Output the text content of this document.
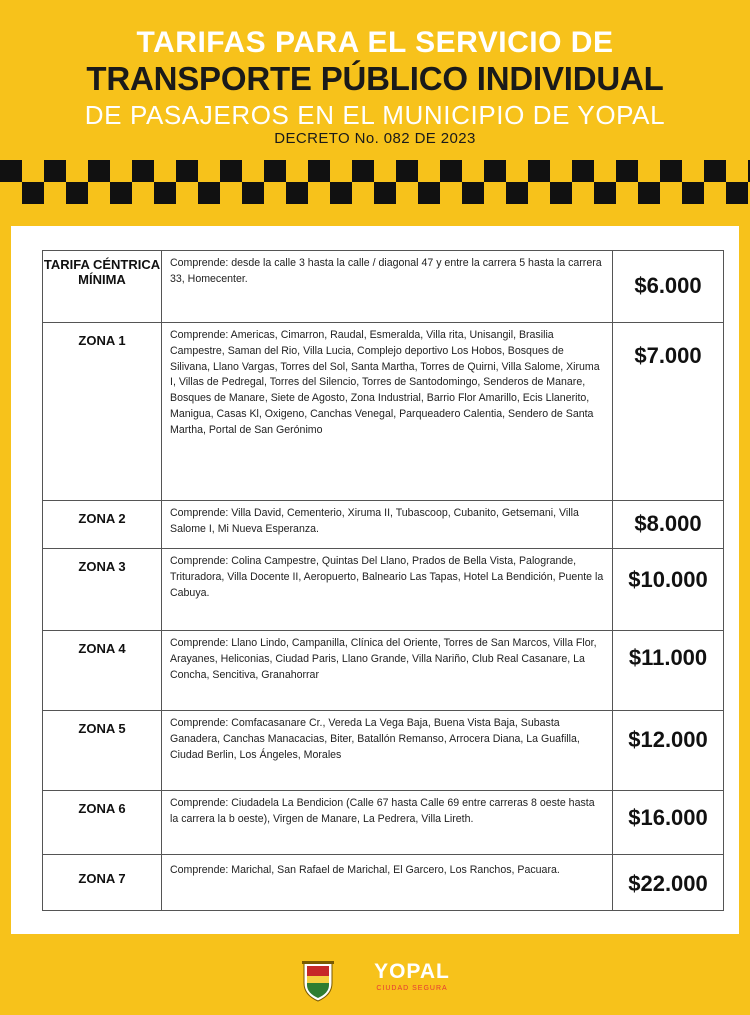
TARIFAS PARA EL SERVICIO DE
TRANSPORTE PÚBLICO INDIVIDUAL
DE PASAJEROS EN EL MUNICIPIO DE YOPAL
DECRETO No. 082 DE 2023
TARIFA CÉNTRICA MÍNIMA	Comprende: desde la calle 3 hasta la calle / diagonal 47 y entre la carrera 5 hasta la carrera 33, Homecenter.	$6.000
ZONA 1	Comprende: Americas, Cimarron, Raudal, Esmeralda, Villa rita, Unisangil, Brasilia Campestre, Saman del Rio, Villa Lucia, Complejo deportivo Los Hobos, Bosques de Silivana, Llano Vargas, Torres del Sol, Santa Martha, Torres de Quirni, Villa Salome, Xiruma I, Villas de Pedregal, Torres del Silencio, Torres de Santodomingo, Senderos de Manare, Bosques de Manare, Siete de Agosto, Zona Industrial, Barrio Flor Amarillo, Ecis Llanerito, Manigua, Casas Kl, Oxigeno, Canchas Venegal, Parqueadero Calentia, Sendero de Santa Martha, Portal de San Gerónimo	$7.000
ZONA 2	Comprende: Villa David, Cementerio, Xiruma II, Tubascoop, Cubanito, Getsemani, Villa Salome I, Mi Nueva Esperanza.	$8.000
ZONA 3	Comprende: Colina Campestre, Quintas Del Llano, Prados de Bella Vista, Palogrande, Trituradora, Villa Docente II, Aeropuerto, Balneario Las Tapas, Hotel La Bendición, Puente la Cabuya.	$10.000
ZONA 4	Comprende: Llano Lindo, Campanilla, Clínica del Oriente, Torres de San Marcos, Villa Flor, Arayanes, Heliconias, Ciudad Paris, Llano Grande, Villa Nariño, Club Real Casanare, La Concha, Sencitiva, Granahorrar	$11.000
ZONA 5	Comprende: Comfacasanare Cr., Vereda La Vega Baja, Buena Vista Baja, Subasta Ganadera, Canchas Manacacias, Biter, Batallón Remanso, Arrocera Diana, La Guafilla, Ciudad Berlin, Los Ángeles, Morales	$12.000
ZONA 6	Comprende: Ciudadela La Bendicion (Calle 67 hasta Calle 69 entre carreras 8 oeste hasta la carrera la b oeste), Virgen de Manare, La Pedrera, Villa Lireth.	$16.000
ZONA 7	Comprende: Marichal, San Rafael de Marichal, El Garcero, Los Ranchos, Pacuara.	$22.000
YOPAL
CIUDAD SEGURA
